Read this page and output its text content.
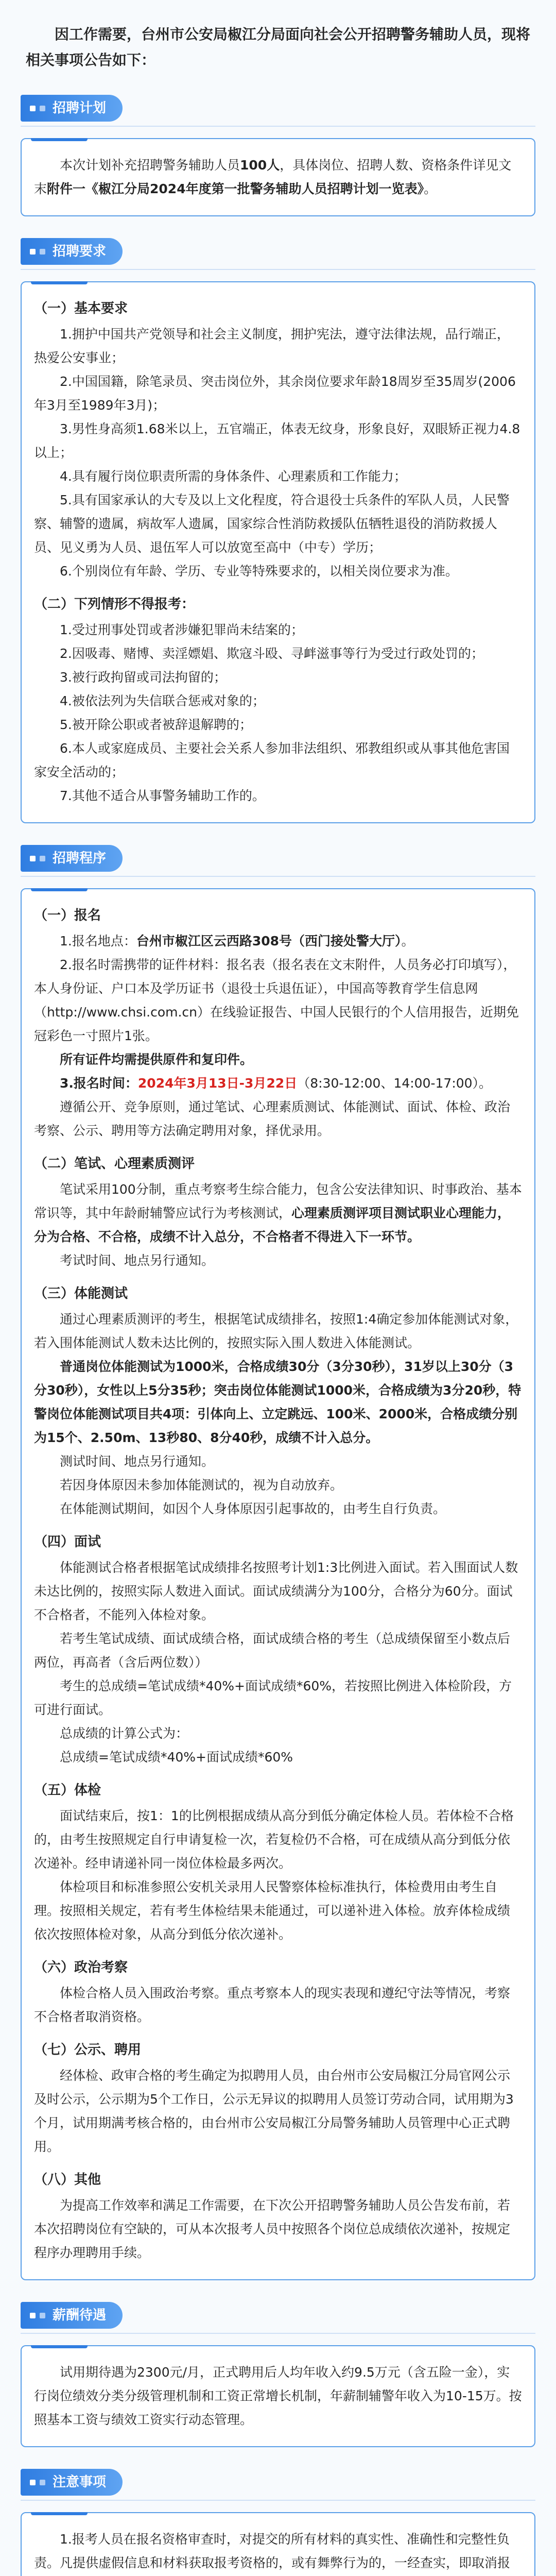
因工作需要，台州市公安局椒江分局面向社会公开招聘警务辅助人员，现将相关事项公告如下：

招聘计划

本次计划补充招聘警务辅助人员100人，具体岗位、招聘人数、资格条件详见文末附件一《椒江分局2024年度第一批警务辅助人员招聘计划一览表》。

招聘要求

（一）基本要求

1.拥护中国共产党领导和社会主义制度，拥护宪法，遵守法律法规，品行端正，热爱公安事业；

2.中国国籍，除笔录员、突击岗位外，其余岗位要求年龄18周岁至35周岁(2006年3月至1989年3月)；

3.男性身高须1.68米以上，五官端正，体表无纹身，形象良好，双眼矫正视力4.8以上；

4.具有履行岗位职责所需的身体条件、心理素质和工作能力；

5.具有国家承认的大专及以上文化程度，符合退役士兵条件的军队人员，人民警察、辅警的遗属，病故军人遗属，国家综合性消防救援队伍牺牲退役的消防救援人员、见义勇为人员、退伍军人可以放宽至高中（中专）学历；

6.个别岗位有年龄、学历、专业等特殊要求的，以相关岗位要求为准。

（二）下列情形不得报考：

1.受过刑事处罚或者涉嫌犯罪尚未结案的；

2.因吸毒、赌博、卖淫嫖娼、欺寇斗殴、寻衅滋事等行为受过行政处罚的；

3.被行政拘留或司法拘留的；

4.被依法列为失信联合惩戒对象的；

5.被开除公职或者被辞退解聘的；

6.本人或家庭成员、主要社会关系人参加非法组织、邪教组织或从事其他危害国家安全活动的；

7.其他不适合从事警务辅助工作的。

招聘程序

（一）报名

1.报名地点：台州市椒江区云西路308号（西门接处警大厅）。

2.报名时需携带的证件材料：报名表（报名表在文末附件，人员务必打印填写），本人身份证、户口本及学历证书（退役士兵退伍证），中国高等教育学生信息网（http://www.chsi.com.cn）在线验证报告、中国人民银行的个人信用报告，近期免冠彩色一寸照片1张。

所有证件均需提供原件和复印件。

3.报名时间：2024年3月13日-3月22日（8:30-12:00、14:00-17:00）。

遵循公开、竞争原则，通过笔试、心理素质测试、体能测试、面试、体检、政治考察、公示、聘用等方法确定聘用对象，择优录用。

（二）笔试、心理素质测评

笔试采用100分制，重点考察考生综合能力，包含公安法律知识、时事政治、基本常识等，其中年龄耐辅警应试行为考核测试，心理素质测评项目测试职业心理能力，分为合格、不合格，成绩不计入总分，不合格者不得进入下一环节。

考试时间、地点另行通知。

（三）体能测试

通过心理素质测评的考生，根据笔试成绩排名，按照1:4确定参加体能测试对象，若入围体能测试人数未达比例的，按照实际入围人数进入体能测试。

普通岗位体能测试为1000米，合格成绩30分（3分30秒），31岁以上30分（3分30秒），女性以上5分35秒；突击岗位体能测试1000米，合格成绩为3分20秒，特警岗位体能测试项目共4项：引体向上、立定跳远、100米、2000米，合格成绩分别为15个、2.50m、13秒80、8分40秒，成绩不计入总分。

测试时间、地点另行通知。

若因身体原因未参加体能测试的，视为自动放弃。

在体能测试期间，如因个人身体原因引起事故的，由考生自行负责。

（四）面试

体能测试合格者根据笔试成绩排名按照考计划1:3比例进入面试。若入围面试人数未达比例的，按照实际人数进入面试。面试成绩满分为100分，合格分为60分。面试不合格者，不能列入体检对象。

若考生笔试成绩、面试成绩合格，面试成绩合格的考生（总成绩保留至小数点后两位，再高者（含后两位数））

考生的总成绩=笔试成绩*40%+面试成绩*60%，若按照比例进入体检阶段，方可进行面试。

总成绩的计算公式为：

总成绩=笔试成绩*40%+面试成绩*60%

（五）体检

面试结束后，按1：1的比例根据成绩从高分到低分确定体检人员。若体检不合格的，由考生按照规定自行申请复检一次，若复检仍不合格，可在成绩从高分到低分依次递补。经申请递补同一岗位体检最多两次。

体检项目和标准参照公安机关录用人民警察体检标准执行，体检费用由考生自理。按照相关规定，若有考生体检结果未能通过，可以递补进入体检。放弃体检成绩依次按照体检对象，从高分到低分依次递补。

（六）政治考察

体检合格人员入围政治考察。重点考察本人的现实表现和遵纪守法等情况，考察不合格者取消资格。

（七）公示、聘用

经体检、政审合格的考生确定为拟聘用人员，由台州市公安局椒江分局官网公示及时公示，公示期为5个工作日，公示无异议的拟聘用人员签订劳动合同，试用期为3个月，试用期满考核合格的，由台州市公安局椒江分局警务辅助人员管理中心正式聘用。

（八）其他

为提高工作效率和满足工作需要，在下次公开招聘警务辅助人员公告发布前，若本次招聘岗位有空缺的，可从本次报考人员中按照各个岗位总成绩依次递补，按规定程序办理聘用手续。

薪酬待遇

试用期待遇为2300元/月，正式聘用后人均年收入约9.5万元（含五险一金），实行岗位绩效分类分级管理机制和工资正常增长机制，年薪制辅警年收入为10-15万。按照基本工资与绩效工资实行动态管理。

注意事项

1.报考人员在报名资格审查时，对提交的所有材料的真实性、准确性和完整性负责。凡提供虚假信息和材料获取报考资格的，或有舞弊行为的，一经查实，即取消报
